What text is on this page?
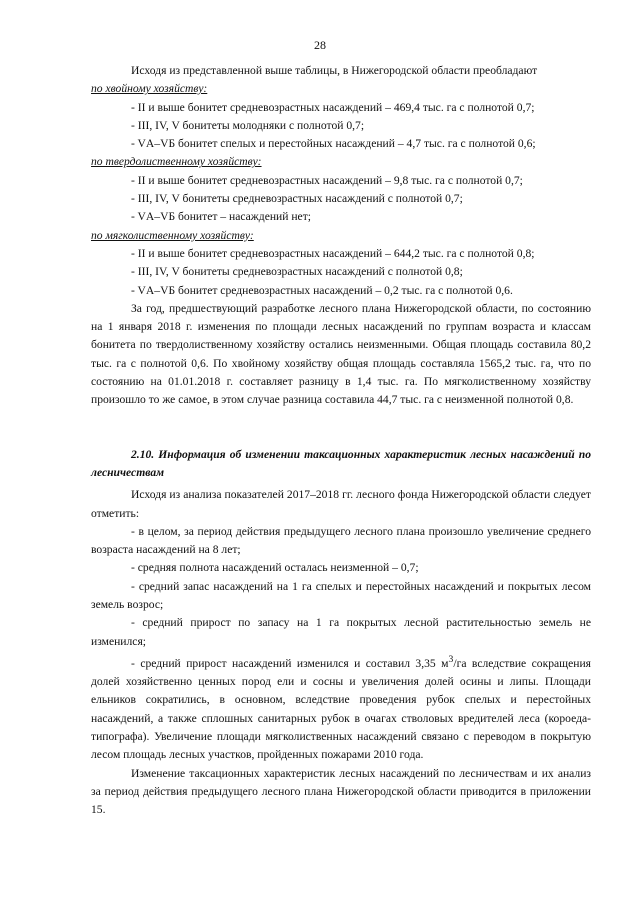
28

Исходя из представленной выше таблицы, в Нижегородской области преобладают

по хвойному хозяйству:

- II и выше бонитет средневозрастных насаждений – 469,4 тыс. га с полнотой 0,7;

- III, IV, V бонитеты молодняки с полнотой 0,7;

- VА–VБ бонитет спелых и перестойных насаждений – 4,7 тыс. га с полнотой 0,6;

по твердолиственному хозяйству:

- II и выше бонитет средневозрастных насаждений – 9,8 тыс. га с полнотой 0,7;

- III, IV, V бонитеты средневозрастных насаждений с полнотой 0,7;

- VА–VБ бонитет – насаждений нет;

по мягколиственному хозяйству:

- II и выше бонитет средневозрастных насаждений – 644,2 тыс. га с полнотой 0,8;

- III, IV, V бонитеты средневозрастных насаждений с полнотой 0,8;

- VА–VБ бонитет средневозрастных насаждений – 0,2 тыс. га с полнотой 0,6.

За год, предшествующий разработке лесного плана Нижегородской области, по состоянию на 1 января 2018 г. изменения по площади лесных насаждений по группам возраста и классам бонитета по твердолиственному хозяйству остались неизменными. Общая площадь составила 80,2 тыс. га с полнотой 0,6. По хвойному хозяйству общая площадь составляла 1565,2 тыс. га, что по состоянию на 01.01.2018 г. составляет разницу в 1,4 тыс. га. По мягколиственному хозяйству произошло то же самое, в этом случае разница составила 44,7 тыс. га с неизменной полнотой 0,8.

2.10. Информация об изменении таксационных характеристик лесных насаждений по лесничествам

Исходя из анализа показателей 2017–2018 гг. лесного фонда Нижегородской области следует отметить:

- в целом, за период действия предыдущего лесного плана произошло увеличение среднего возраста насаждений на 8 лет;

- средняя полнота насаждений осталась неизменной – 0,7;

- средний запас насаждений на 1 га спелых и перестойных насаждений и покрытых лесом земель возрос;

- средний прирост по запасу на 1 га покрытых лесной растительностью земель не изменился;

- средний прирост насаждений изменился и составил 3,35 $м^3/га$ вследствие сокращения долей хозяйственно ценных пород ели и сосны и увеличения долей осины и липы. Площади ельников сократились, в основном, вследствие проведения рубок спелых и перестойных насаждений, а также сплошных санитарных рубок в очагах стволовых вредителей леса (короеда-типографа). Увеличение площади мягколиственных насаждений связано с переводом в покрытую лесом площадь лесных участков, пройденных пожарами 2010 года.

Изменение таксационных характеристик лесных насаждений по лесничествам и их анализ за период действия предыдущего лесного плана Нижегородской области приводится в приложении 15.
